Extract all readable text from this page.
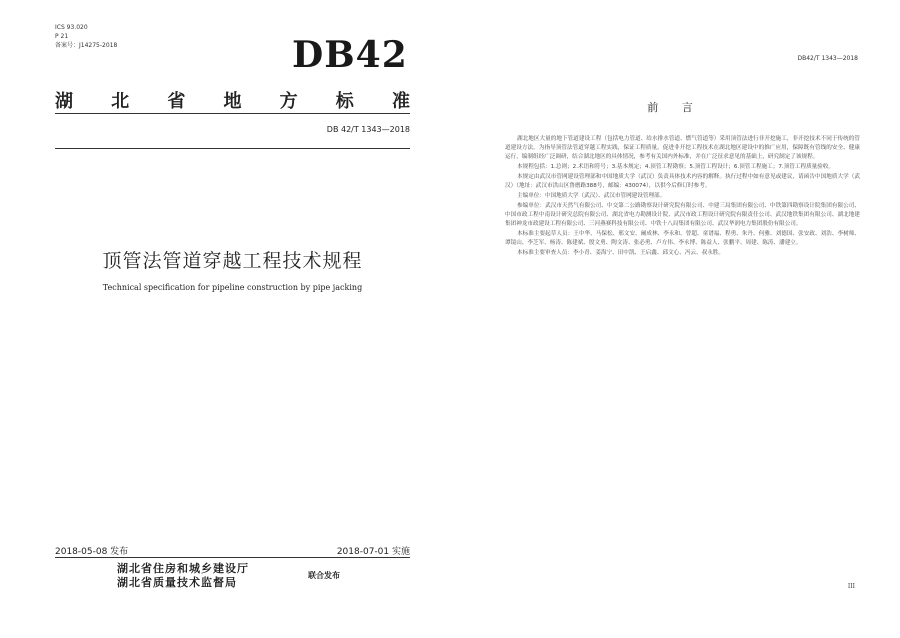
ICS 93.020
P 21
备案号：J14275-2018	DB42
湖 北 省 地 方 标 准
DB 42/T 1343—2018
顶管法管道穿越工程技术规程
Technical specification for pipeline construction by pipe jacking
2018-05-08 发布	2018-07-01 实施
湖北省住房和城乡建设厅
湖北省质量技术监督局
联合发布
DB42/T 1343—2018
前 言

湖北地区大量的地下管道建设工程（包括电力管道、给水排水管道、燃气管道等）采用顶管法进行非开挖施工，非开挖技术不同于传统的管道建设方法。为指导顶管法管道穿越工程实践，保证工程质量，促进非开挖工程技术在湖北地区建设中的推广应用，保障既有管线的安全、健康运行，编制组经广泛调研，结合湖北地区的具体情况，参考有关国内外标准，并在广泛征求意见的基础上，研究制定了该规程。

本规程包括：1.总则；2.术语和符号；3.基本规定；4.顶管工程勘察；5.顶管工程设计；6.顶管工程施工；7.顶管工程质量验收。

本规定由武汉市管网建设管理部和中国地质大学（武汉）负责具体技术内容的解释。执行过程中如有意见或建议，请函告中国地质大学（武汉）（地址：武汉市洪山区鲁磨路388号，邮编：430074），以供今后修订时参考。

主编单位：中国地质大学（武汉）、武汉市管网建设管理部。

参编单位：武汉市天然气有限公司、中交第二公路勘察设计研究院有限公司、中建三局集团有限公司、中铁第四勘察设计院集团有限公司、中国市政工程中南设计研究总院有限公司、湖北省电力勘测设计院、武汉市政工程设计研究院有限责任公司、武汉地铁集团有限公司、湖北地建集团神龙市政建设工程有限公司、三河燕赛科技有限公司、中铁十八局集团有限公司、武汉华润电力集团股份有限公司。

本标准主要起草人员：王中华、马保松、邢文安、阚成林、李永和、曾超、童谱福、程勇、朱丹、何雅、刘德国、张安政、刘浩、李树师、谭镜山、李芝军、杨涛、陈建斌、殷文勇、陶文涛、张必勇、卢方伟、李永博、陈益人、张鹏平、周建、陈涛、潘建立。

本标准主要审查人员：李小青、姜海宁、田中凯、王启鑫、邱文心、冯云、叔永胜。

III
